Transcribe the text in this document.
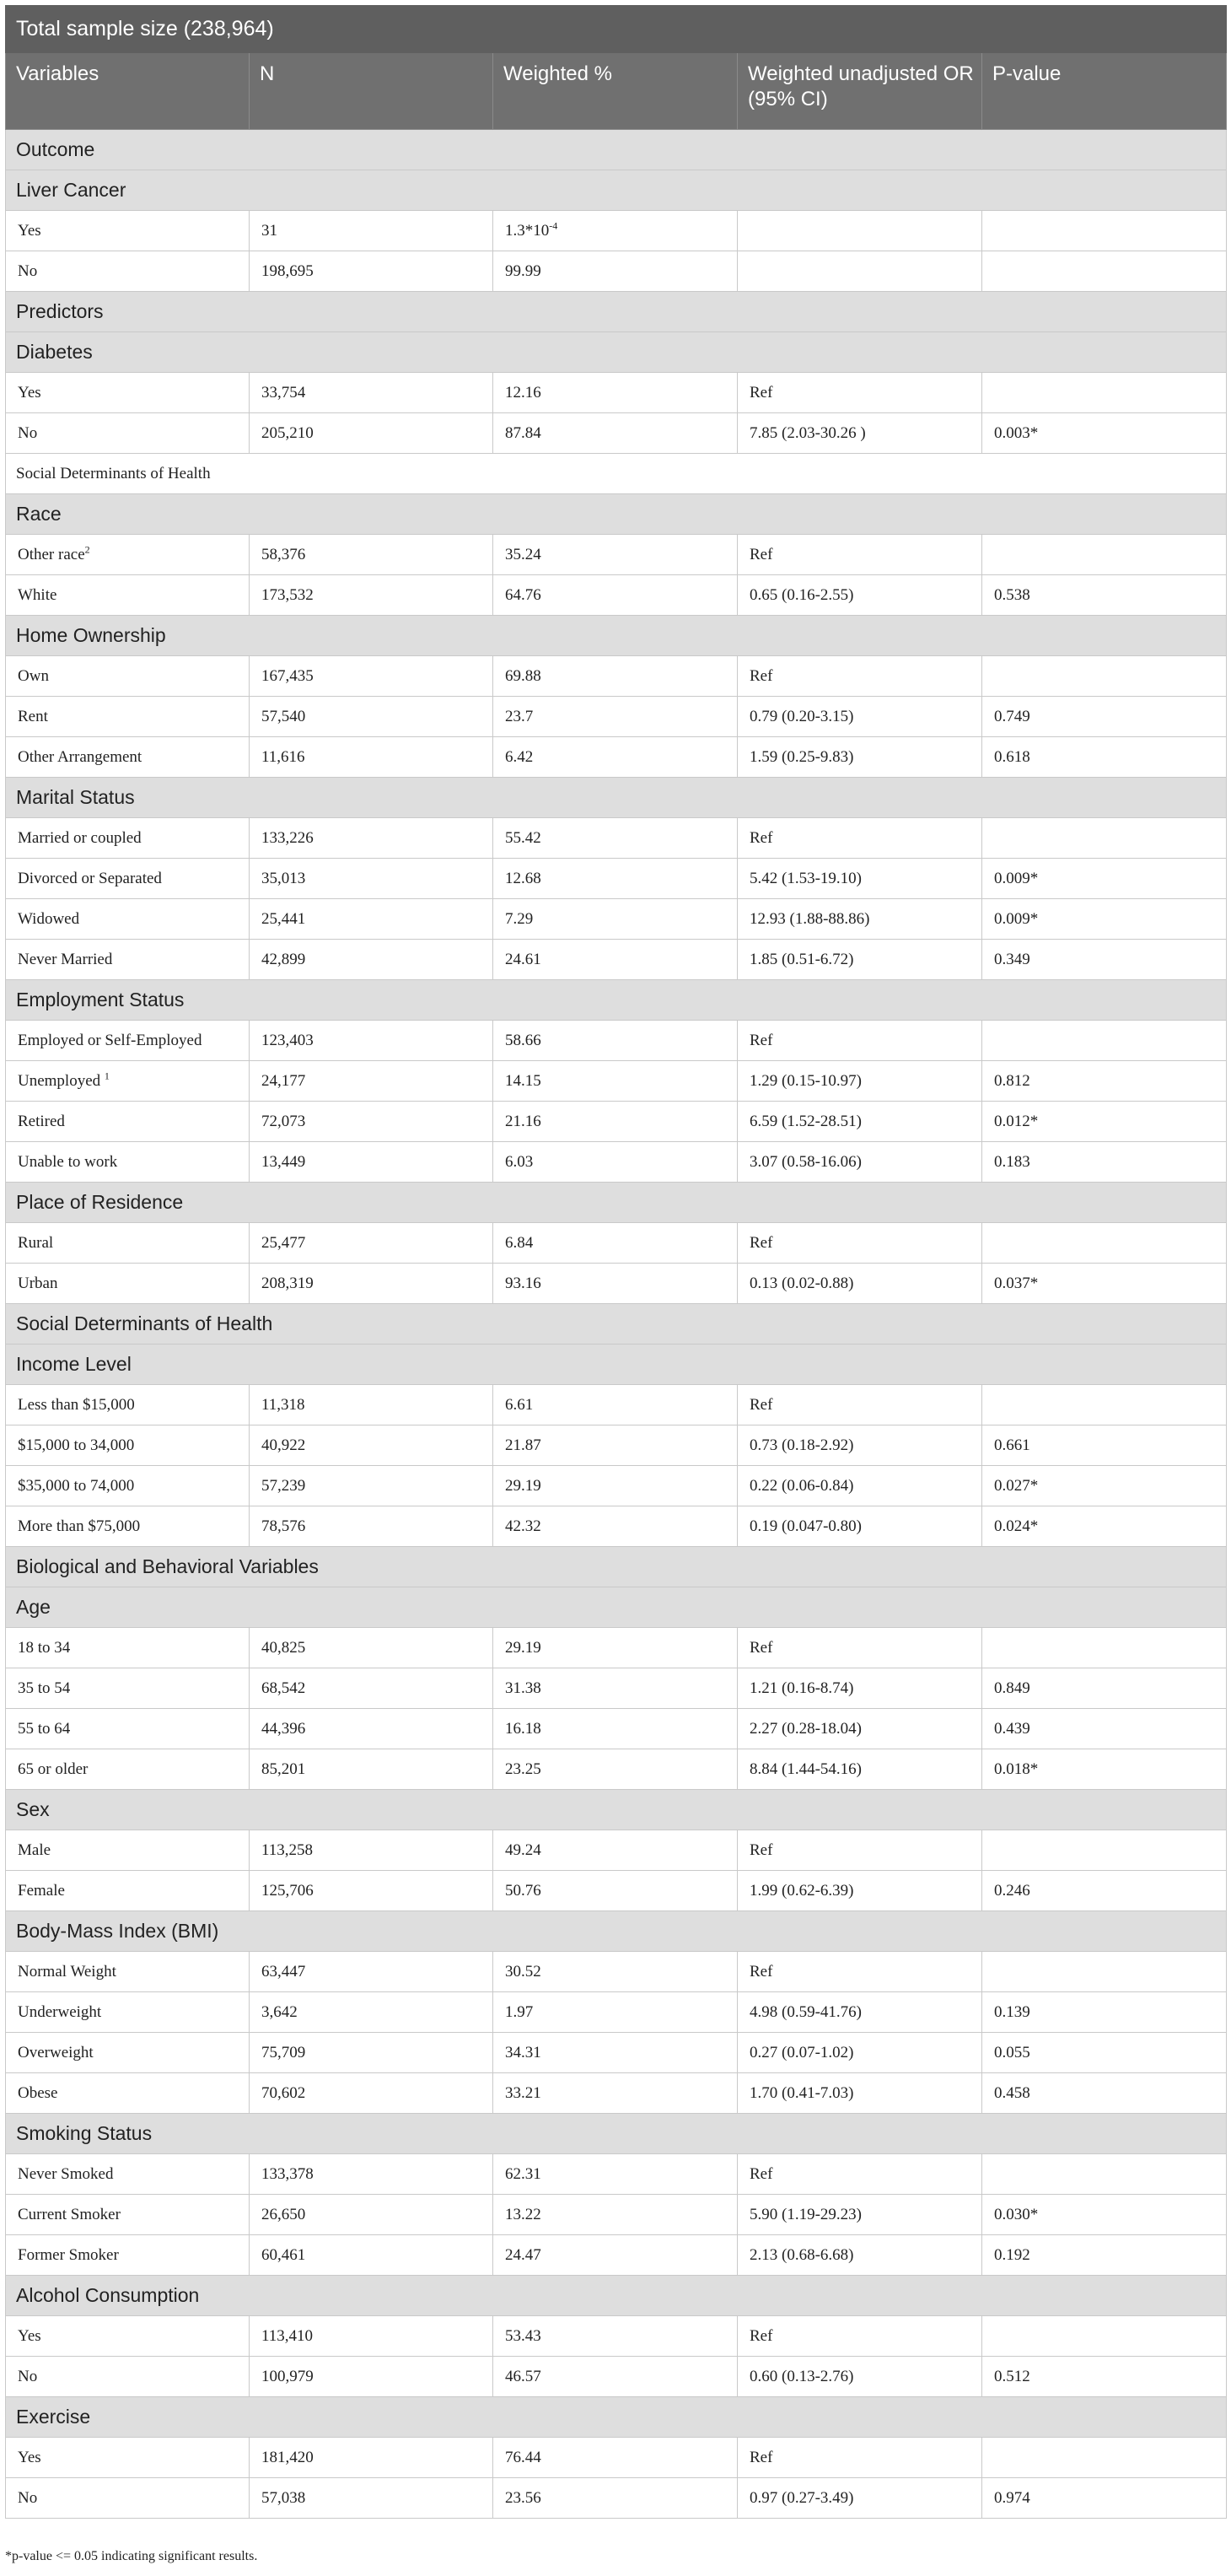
Total sample size (238,964)				
Variables	N	Weighted %	Weighted unadjusted OR (95% CI)	P-value
Outcome				
Liver Cancer				
Yes	31	$1.3*10^{-4}$		
No	198,695	99.99		
Predictors				
Diabetes				
Yes	33,754	12.16	Ref	
No	205,210	87.84	7.85 (2.03-30.26 )	0.003*
Social Determinants of Health				
Race				
Other race$^2$	58,376	35.24	Ref	
White	173,532	64.76	0.65 (0.16-2.55)	0.538
Home Ownership				
Own	167,435	69.88	Ref	
Rent	57,540	23.7	0.79 (0.20-3.15)	0.749
Other Arrangement	11,616	6.42	1.59 (0.25-9.83)	0.618
Marital Status				
Married or coupled	133,226	55.42	Ref	
Divorced or Separated	35,013	12.68	5.42 (1.53-19.10)	0.009*
Widowed	25,441	7.29	12.93 (1.88-88.86)	0.009*
Never Married	42,899	24.61	1.85 (0.51-6.72)	0.349
Employment Status				
Employed or Self-Employed	123,403	58.66	Ref	
Unemployed $^1$	24,177	14.15	1.29 (0.15-10.97)	0.812
Retired	72,073	21.16	6.59 (1.52-28.51)	0.012*
Unable to work	13,449	6.03	3.07 (0.58-16.06)	0.183
Place of Residence				
Rural	25,477	6.84	Ref	
Urban	208,319	93.16	0.13 (0.02-0.88)	0.037*
Social Determinants of Health				
Income Level				
Less than $15,000	11,318	6.61	Ref	
$15,000 to 34,000	40,922	21.87	0.73 (0.18-2.92)	0.661
$35,000 to 74,000	57,239	29.19	0.22 (0.06-0.84)	0.027*
More than $75,000	78,576	42.32	0.19 (0.047-0.80)	0.024*
Biological and Behavioral Variables				
Age				
18 to 34	40,825	29.19	Ref	
35 to 54	68,542	31.38	1.21 (0.16-8.74)	0.849
55 to 64	44,396	16.18	2.27 (0.28-18.04)	0.439
65 or older	85,201	23.25	8.84 (1.44-54.16)	0.018*
Sex				
Male	113,258	49.24	Ref	
Female	125,706	50.76	1.99 (0.62-6.39)	0.246
Body-Mass Index (BMI)				
Normal Weight	63,447	30.52	Ref	
Underweight	3,642	1.97	4.98 (0.59-41.76)	0.139
Overweight	75,709	34.31	0.27 (0.07-1.02)	0.055
Obese	70,602	33.21	1.70 (0.41-7.03)	0.458
Smoking Status				
Never Smoked	133,378	62.31	Ref	
Current Smoker	26,650	13.22	5.90 (1.19-29.23)	0.030*
Former Smoker	60,461	24.47	2.13 (0.68-6.68)	0.192
Alcohol Consumption				
Yes	113,410	53.43	Ref	
No	100,979	46.57	0.60 (0.13-2.76)	0.512
Exercise				
Yes	181,420	76.44	Ref	
No	57,038	23.56	0.97 (0.27-3.49)	0.974
*p-value <= 0.05 indicating significant results.
